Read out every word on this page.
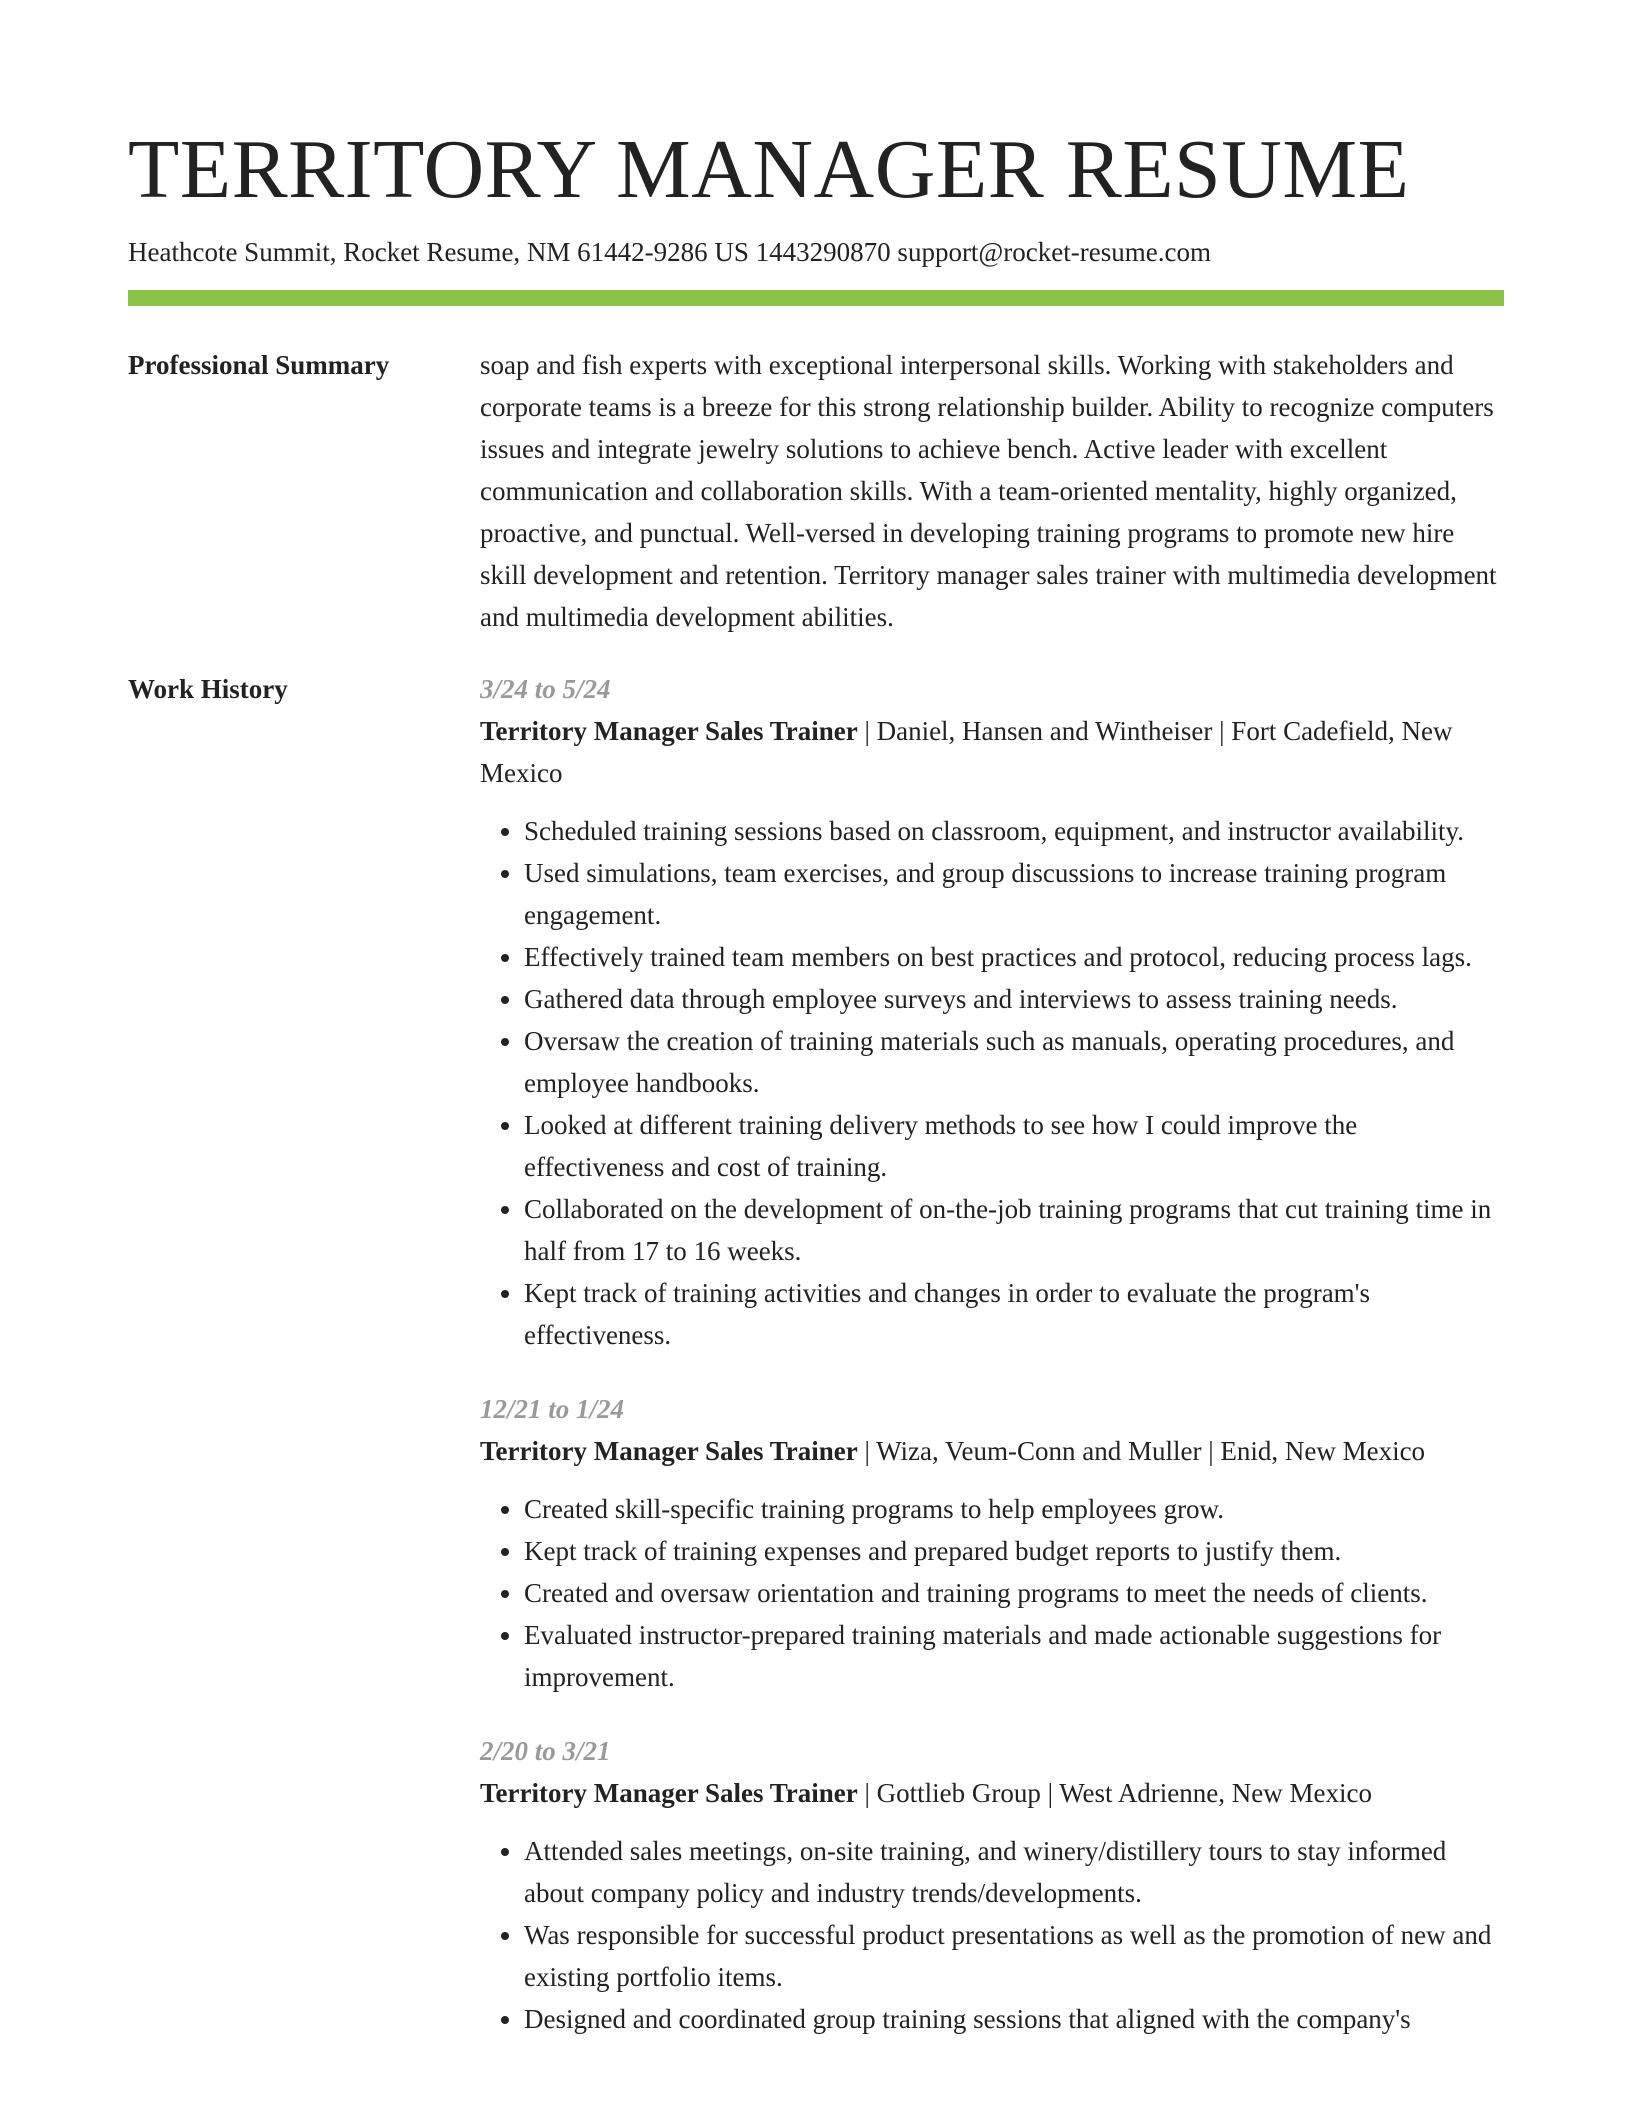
TERRITORY MANAGER RESUME
Heathcote Summit, Rocket Resume, NM 61442-9286 US 1443290870 support@rocket-resume.com
Professional Summary	soap and fish experts with exceptional interpersonal skills. Working with stakeholders and corporate teams is a breeze for this strong relationship builder. Ability to recognize computers issues and integrate jewelry solutions to achieve bench. Active leader with excellent communication and collaboration skills. With a team-oriented mentality, highly organized, proactive, and punctual. Well-versed in developing training programs to promote new hire skill development and retention. Territory manager sales trainer with multimedia development and multimedia development abilities.

Work History	3/24 to 5/24
Territory Manager Sales Trainer | Daniel, Hansen and Wintheiser | Fort Cadefield, New Mexico
• Scheduled training sessions based on classroom, equipment, and instructor availability.
• Used simulations, team exercises, and group discussions to increase training program engagement.
• Effectively trained team members on best practices and protocol, reducing process lags.
• Gathered data through employee surveys and interviews to assess training needs.
• Oversaw the creation of training materials such as manuals, operating procedures, and employee handbooks.
• Looked at different training delivery methods to see how I could improve the effectiveness and cost of training.
• Collaborated on the development of on-the-job training programs that cut training time in half from 17 to 16 weeks.
• Kept track of training activities and changes in order to evaluate the program's effectiveness.
12/21 to 1/24
Territory Manager Sales Trainer | Wiza, Veum-Conn and Muller | Enid, New Mexico
• Created skill-specific training programs to help employees grow.
• Kept track of training expenses and prepared budget reports to justify them.
• Created and oversaw orientation and training programs to meet the needs of clients.
• Evaluated instructor-prepared training materials and made actionable suggestions for improvement.
2/20 to 3/21
Territory Manager Sales Trainer | Gottlieb Group | West Adrienne, New Mexico
• Attended sales meetings, on-site training, and winery/distillery tours to stay informed about company policy and industry trends/developments.
• Was responsible for successful product presentations as well as the promotion of new and existing portfolio items.
• Designed and coordinated group training sessions that aligned with the company's
